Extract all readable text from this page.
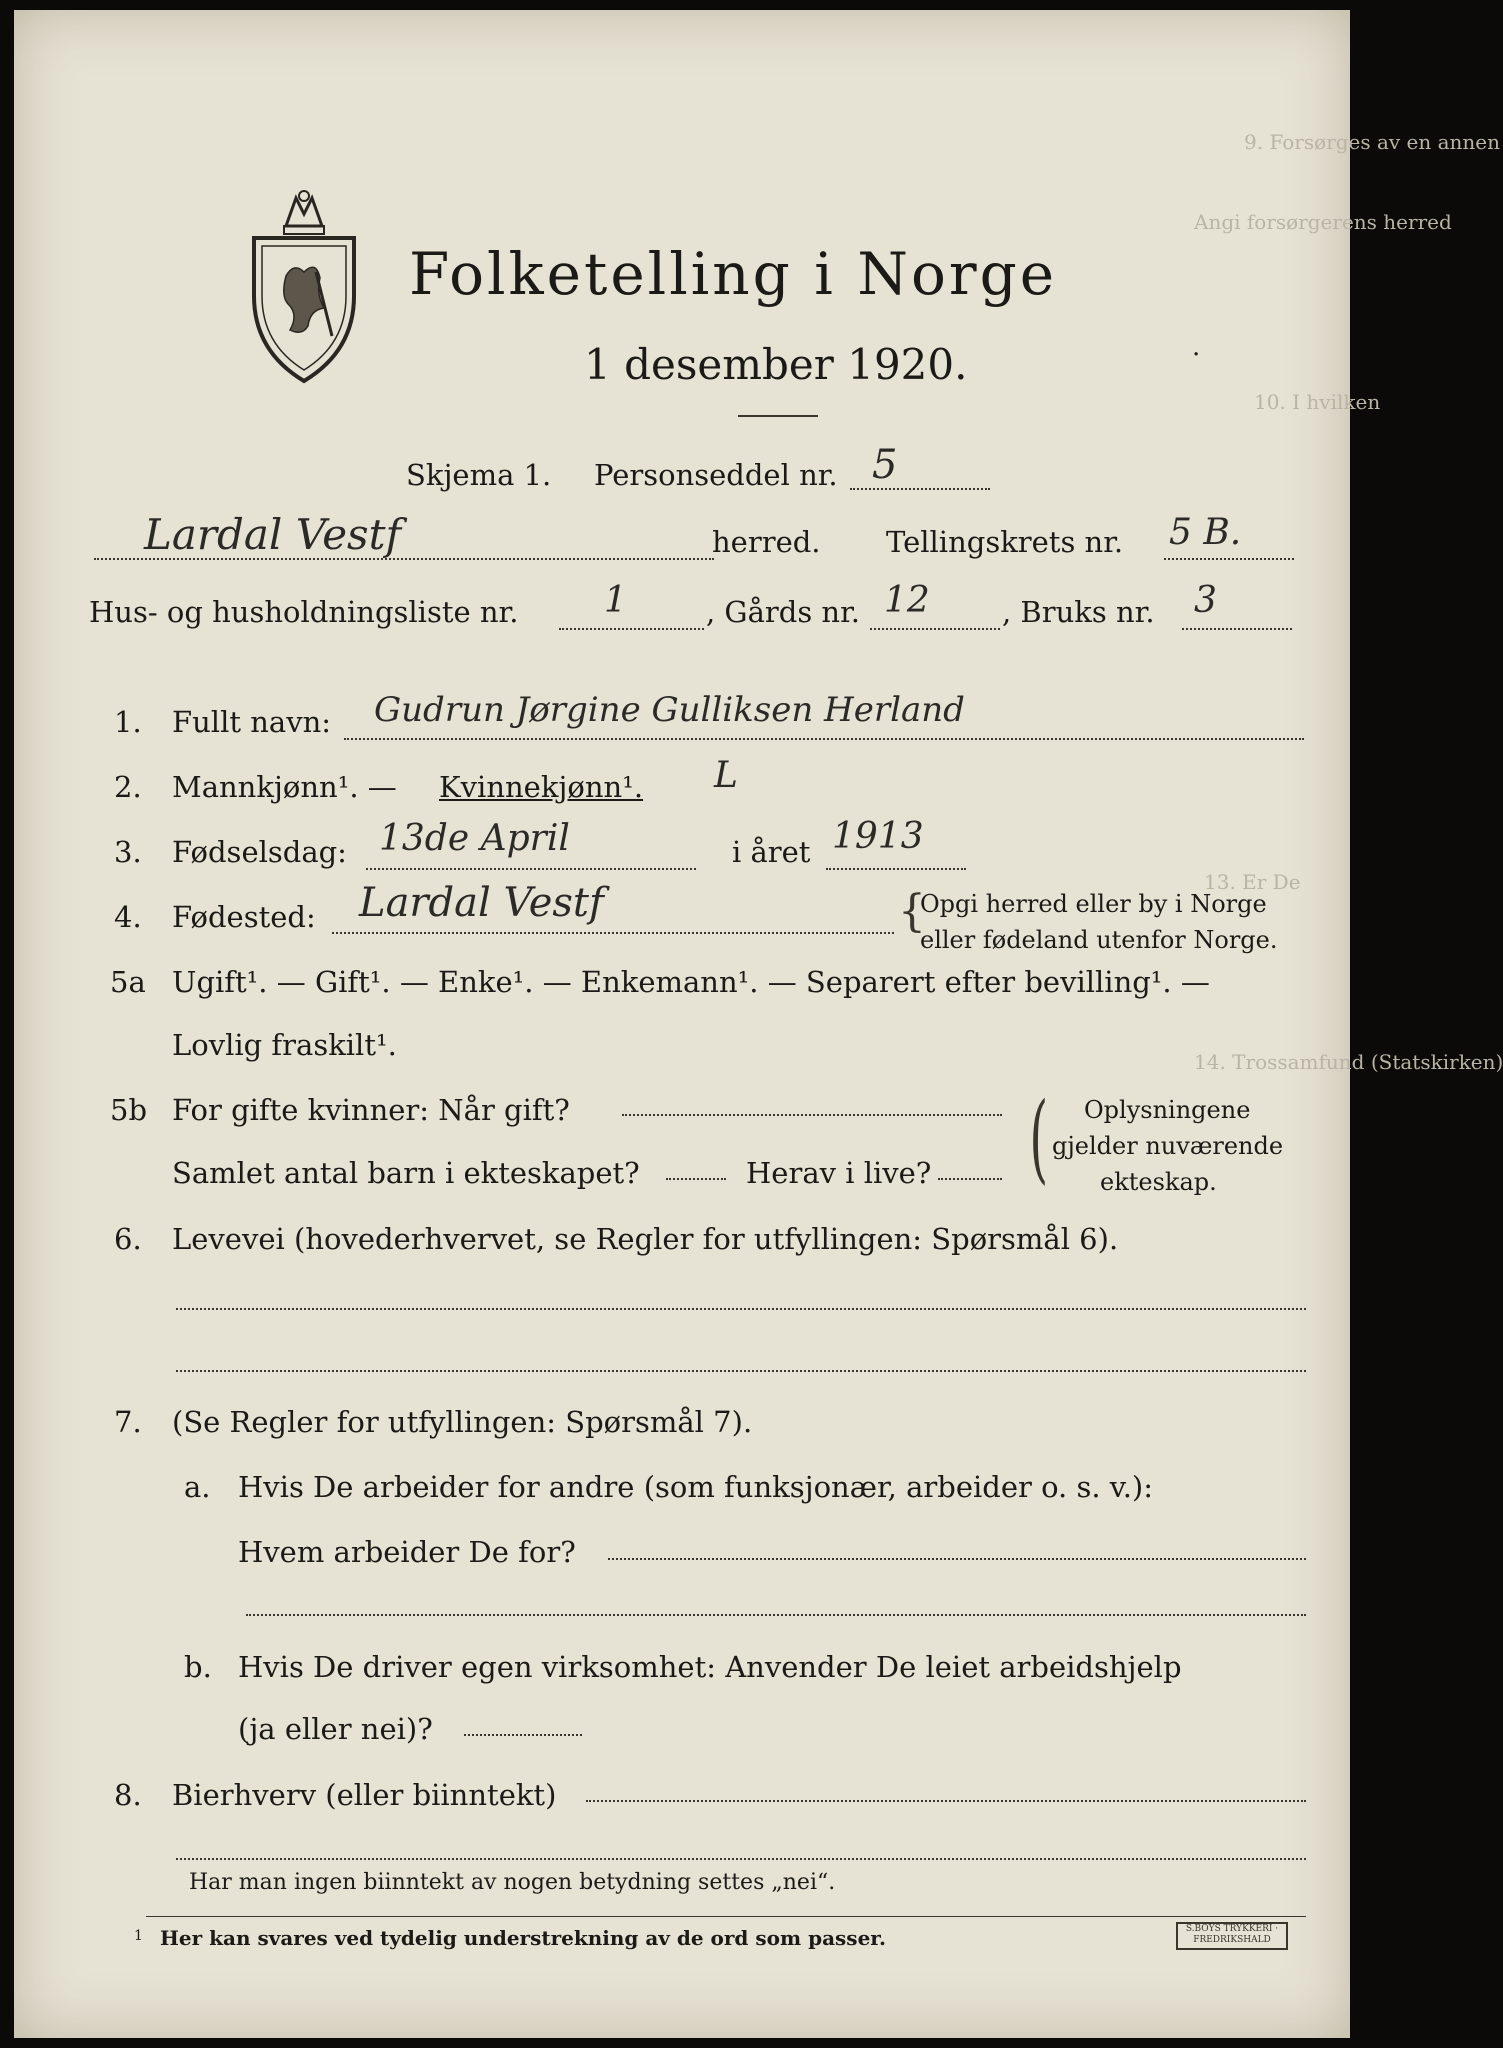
9. Forsørges av en annen
Angi forsørgerens herred
10. I hvilken
13. Er De
14. Trossamfund (Statskirken)
Folketelling i Norge
1 desember 1920.	·
Skjema 1. Personseddel nr. 5
Lardal Vestf	herred. Tellingskrets nr. 5 B.
Hus- og husholdningsliste nr. 1	, Gårds nr. 12 , Bruks nr. 3
1. Fullt navn: Gudrun Jørgine Gulliksen Herland
2. Mannkjønn¹. — Kvinnekjønn¹. L
3. Fødselsdag: 13de April	i året 1913
4. Fødested: Lardal Vestf	{
Opgi herred eller by i Norge
eller fødeland utenfor Norge.
5a Ugift¹. — Gift¹. — Enke¹. — Enkemann¹. — Separert efter bevilling¹. —
Lovlig fraskilt¹.
5b For gifte kvinner: Når gift?
Samlet antal barn i ekteskapet?	Herav i live? ( Oplysningene
gjelder nuværende
ekteskap.
6. Levevei (hovederhvervet, se Regler for utfyllingen: Spørsmål 6).
7. (Se Regler for utfyllingen: Spørsmål 7).
a. Hvis De arbeider for andre (som funksjonær, arbeider o. s. v.):
Hvem arbeider De for?
b. Hvis De driver egen virksomhet: Anvender De leiet arbeidshjelp
(ja eller nei)?
8. Bierhverv (eller biinntekt)
Har man ingen biinntekt av nogen betydning settes „nei“.
1 Her kan svares ved tydelig understrekning av de ord som passer.	S.BOYS TRYKKERI · FREDRIKSHALD
